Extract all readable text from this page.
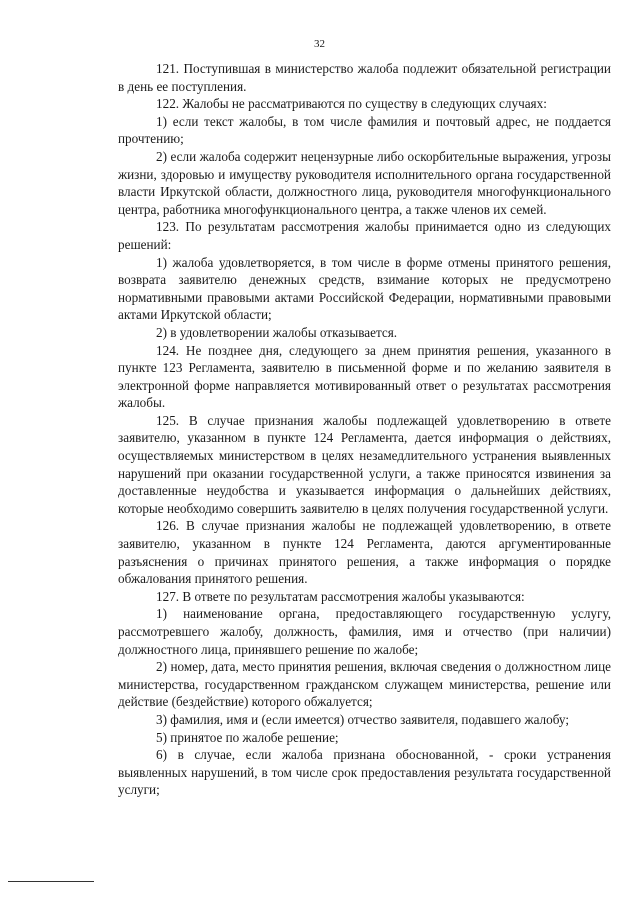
32

121. Поступившая в министерство жалоба подлежит обязательной регистрации в день ее поступления.

122. Жалобы не рассматриваются по существу в следующих случаях:

1) если текст жалобы, в том числе фамилия и почтовый адрес, не поддается прочтению;

2) если жалоба содержит нецензурные либо оскорбительные выражения, угрозы жизни, здоровью и имуществу руководителя исполнительного органа государственной власти Иркутской области, должностного лица, руководителя многофункционального центра, работника многофункционального центра, а также членов их семей.

123. По результатам рассмотрения жалобы принимается одно из следующих решений:

1) жалоба удовлетворяется, в том числе в форме отмены принятого решения, возврата заявителю денежных средств, взимание которых не предусмотрено нормативными правовыми актами Российской Федерации, нормативными правовыми актами Иркутской области;

2) в удовлетворении жалобы отказывается.

124. Не позднее дня, следующего за днем принятия решения, указанного в пункте 123 Регламента, заявителю в письменной форме и по желанию заявителя в электронной форме направляется мотивированный ответ о результатах рассмотрения жалобы.

125. В случае признания жалобы подлежащей удовлетворению в ответе заявителю, указанном в пункте 124 Регламента, дается информация о действиях, осуществляемых министерством в целях незамедлительного устранения выявленных нарушений при оказании государственной услуги, а также приносятся извинения за доставленные неудобства и указывается информация о дальнейших действиях, которые необходимо совершить заявителю в целях получения государственной услуги.

126. В случае признания жалобы не подлежащей удовлетворению, в ответе заявителю, указанном в пункте 124 Регламента, даются аргументированные разъяснения о причинах принятого решения, а также информация о порядке обжалования принятого решения.

127. В ответе по результатам рассмотрения жалобы указываются:

1) наименование органа, предоставляющего государственную услугу, рассмотревшего жалобу, должность, фамилия, имя и отчество (при наличии) должностного лица, принявшего решение по жалобе;

2) номер, дата, место принятия решения, включая сведения о должностном лице министерства, государственном гражданском служащем министерства, решение или действие (бездействие) которого обжалуется;

3) фамилия, имя и (если имеется) отчество заявителя, подавшего жалобу;

5) принятое по жалобе решение;

6) в случае, если жалоба признана обоснованной, - сроки устранения выявленных нарушений, в том числе срок предоставления результата государственной услуги;
